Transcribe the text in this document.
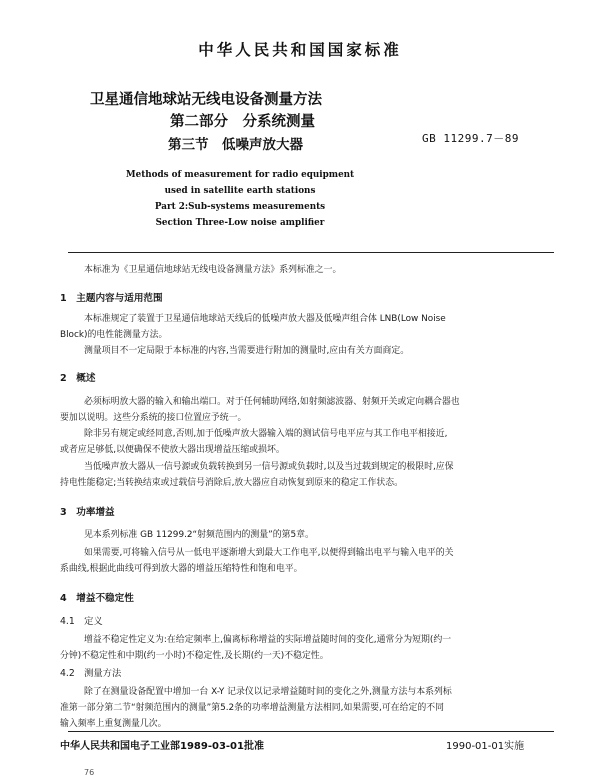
中华人民共和国国家标准
卫星通信地球站无线电设备测量方法
第二部分　分系统测量
第三节　低噪声放大器	GB 11299.7－89
Methods of measurement for radio equipment
used in satellite earth stations
Part 2:Sub-systems measurements
Section Three-Low noise amplifier
本标准为《卫星通信地球站无线电设备测量方法》系列标准之一。
1　主题内容与适用范围
本标准规定了装置于卫星通信地球站天线后的低噪声放大器及低噪声组合体 LNB(Low Noise
Block)的电性能测量方法。
测量项目不一定局限于本标准的内容,当需要进行附加的测量时,应由有关方面商定。
2　概述
必须标明放大器的输入和输出端口。对于任何辅助网络,如射频滤波器、射频开关或定向耦合器也
要加以说明。这些分系统的接口位置应予统一。
除非另有规定或经同意,否则,加于低噪声放大器输入端的测试信号电平应与其工作电平相接近,
或者应足够低,以便确保不使放大器出现增益压缩或损坏。
当低噪声放大器从一信号源或负载转换到另一信号源或负载时,以及当过载到规定的极限时,应保
持电性能稳定;当转换结束或过载信号消除后,放大器应自动恢复到原来的稳定工作状态。
3　功率增益
见本系列标准 GB 11299.2“射频范围内的测量”的第5章。
如果需要,可将输入信号从一低电平逐渐增大到最大工作电平,以便得到输出电平与输入电平的关
系曲线,根据此曲线可得到放大器的增益压缩特性和饱和电平。
4　增益不稳定性
4.1　定义
增益不稳定性定义为:在给定频率上,偏离标称增益的实际增益随时间的变化,通常分为短期(约一
分钟)不稳定性和中期(约一小时)不稳定性,及长期(约一天)不稳定性。
4.2　测量方法
除了在测量设备配置中增加一台 X-Y 记录仪以记录增益随时间的变化之外,测量方法与本系列标
准第一部分第二节“射频范围内的测量”第5.2条的功率增益测量方法相同,如果需要,可在给定的不同
输入频率上重复测量几次。
中华人民共和国电子工业部1989-03-01批准	1990-01-01实施
76
